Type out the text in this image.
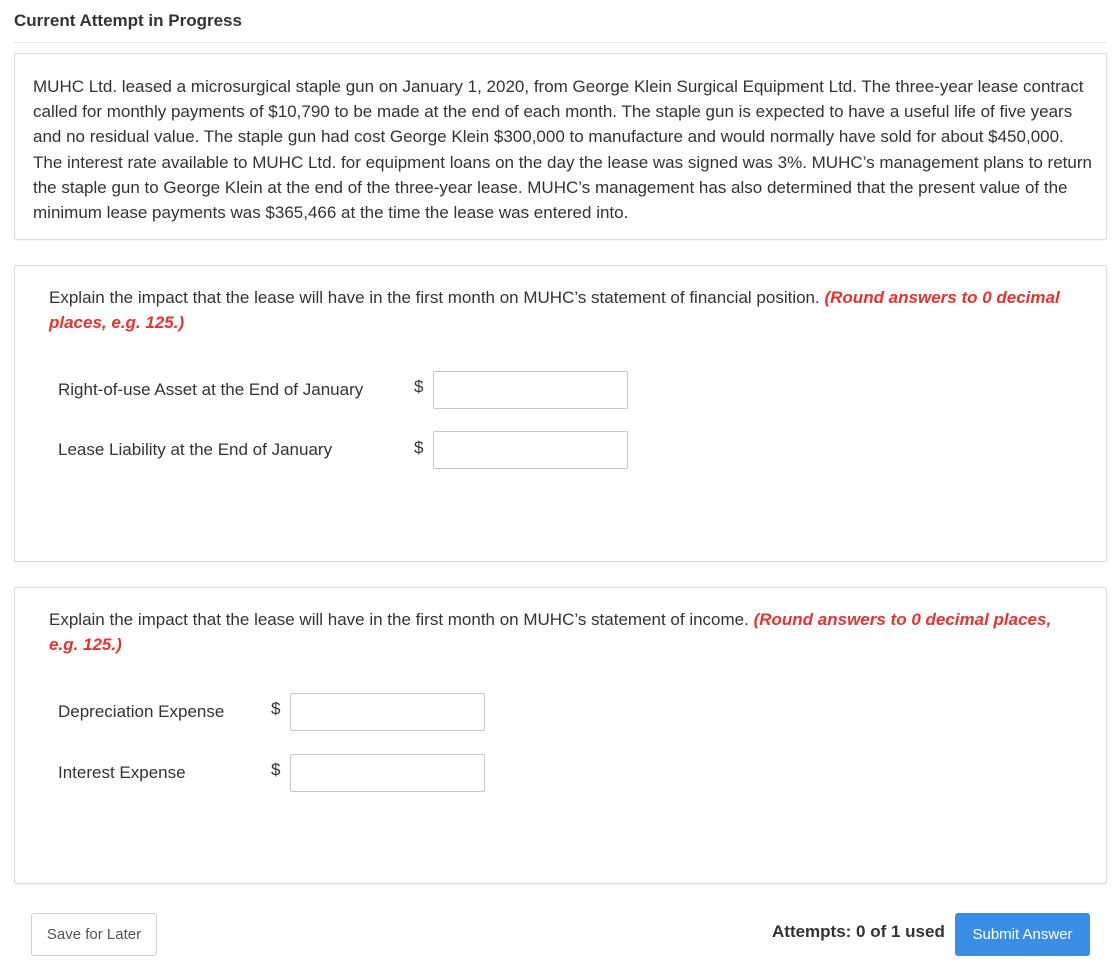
Current Attempt in Progress
MUHC Ltd. leased a microsurgical staple gun on January 1, 2020, from George Klein Surgical Equipment Ltd. The three-year lease contract called for monthly payments of $10,790 to be made at the end of each month. The staple gun is expected to have a useful life of five years and no residual value. The staple gun had cost George Klein $300,000 to manufacture and would normally have sold for about $450,000. The interest rate available to MUHC Ltd. for equipment loans on the day the lease was signed was 3%. MUHC’s management plans to return the staple gun to George Klein at the end of the three-year lease. MUHC’s management has also determined that the present value of the minimum lease payments was $365,466 at the time the lease was entered into.
Explain the impact that the lease will have in the first month on MUHC’s statement of financial position. (Round answers to 0 decimal places, e.g. 125.)
Right-of-use Asset at the End of January	$
Lease Liability at the End of January	$
Explain the impact that the lease will have in the first month on MUHC’s statement of income. (Round answers to 0 decimal places, e.g. 125.)
Depreciation Expense	$
Interest Expense	$
Save for Later	Attempts: 0 of 1 used	Submit Answer
